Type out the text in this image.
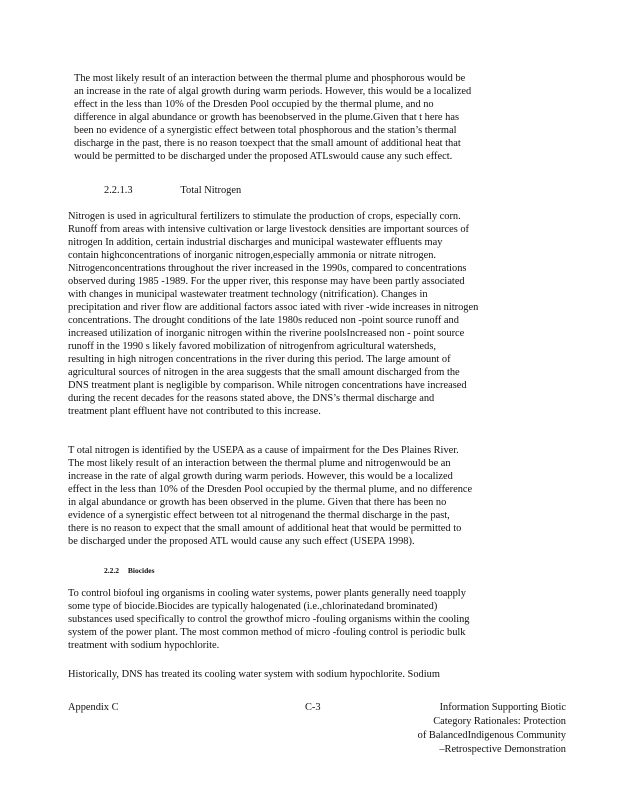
The most likely result of an interaction between the thermal plume and phosphorous would be
an increase in the rate of algal growth during warm periods. However, this would be a localized
effect in the less than 10% of the Dresden Pool occupied by the thermal plume, and no
difference in algal abundance or growth has beenobserved in the plume.Given that t here has
been no evidence of a synergistic effect between total phosphorous and the station’s thermal
discharge in the past, there is no reason toexpect that the small amount of additional heat that
would be permitted to be discharged under the proposed ATLswould cause any such effect.
2.2.1.3	Total Nitrogen
Nitrogen is used in agricultural fertilizers to stimulate the production of crops, especially corn.
Runoff from areas with intensive cultivation or large livestock densities are important sources of
nitrogen In addition, certain industrial discharges and municipal wastewater effluents may
contain highconcentrations of inorganic nitrogen,especially ammonia or nitrate nitrogen.
Nitrogenconcentrations throughout the river increased in the 1990s, compared to concentrations
observed during 1985 -1989. For the upper river, this response may have been partly associated
with changes in municipal wastewater treatment technology (nitrification). Changes in
precipitation and river flow are additional factors assoc iated with river -wide increases in nitrogen
concentrations. The drought conditions of the late 1980s reduced non -point source runoff and
increased utilization of inorganic nitrogen within the riverine poolsIncreased non - point source
runoff in the 1990 s likely favored mobilization of nitrogenfrom agricultural watersheds,
resulting in high nitrogen concentrations in the river during this period. The large amount of
agricultural sources of nitrogen in the area suggests that the small amount discharged from the
DNS treatment plant is negligible by comparison. While nitrogen concentrations have increased
during the recent decades for the reasons stated above, the DNS’s thermal discharge and
treatment plant effluent have not contributed to this increase.
T otal nitrogen is identified by the USEPA as a cause of impairment for the Des Plaines River.
The most likely result of an interaction between the thermal plume and nitrogenwould be an
increase in the rate of algal growth during warm periods. However, this would be a localized
effect in the less than 10% of the Dresden Pool occupied by the thermal plume, and no difference
in algal abundance or growth has been observed in the plume. Given that there has been no
evidence of a synergistic effect between tot al nitrogenand the thermal discharge in the past,
there is no reason to expect that the small amount of additional heat that would be permitted to
be discharged under the proposed ATL would cause any such effect (USEPA 1998).
2.2.2 Biocides
To control biofoul ing organisms in cooling water systems, power plants generally need toapply
some type of biocide.Biocides are typically halogenated (i.e.,chlorinatedand brominated)
substances used specifically to control the growthof micro -fouling organisms within the cooling
system of the power plant. The most common method of micro -fouling control is periodic bulk
treatment with sodium hypochlorite.
Historically, DNS has treated its cooling water system with sodium hypochlorite. Sodium
Appendix C	C-3	Information Supporting Biotic
Category Rationales: Protection
of BalancedIndigenous Community
–Retrospective Demonstration
